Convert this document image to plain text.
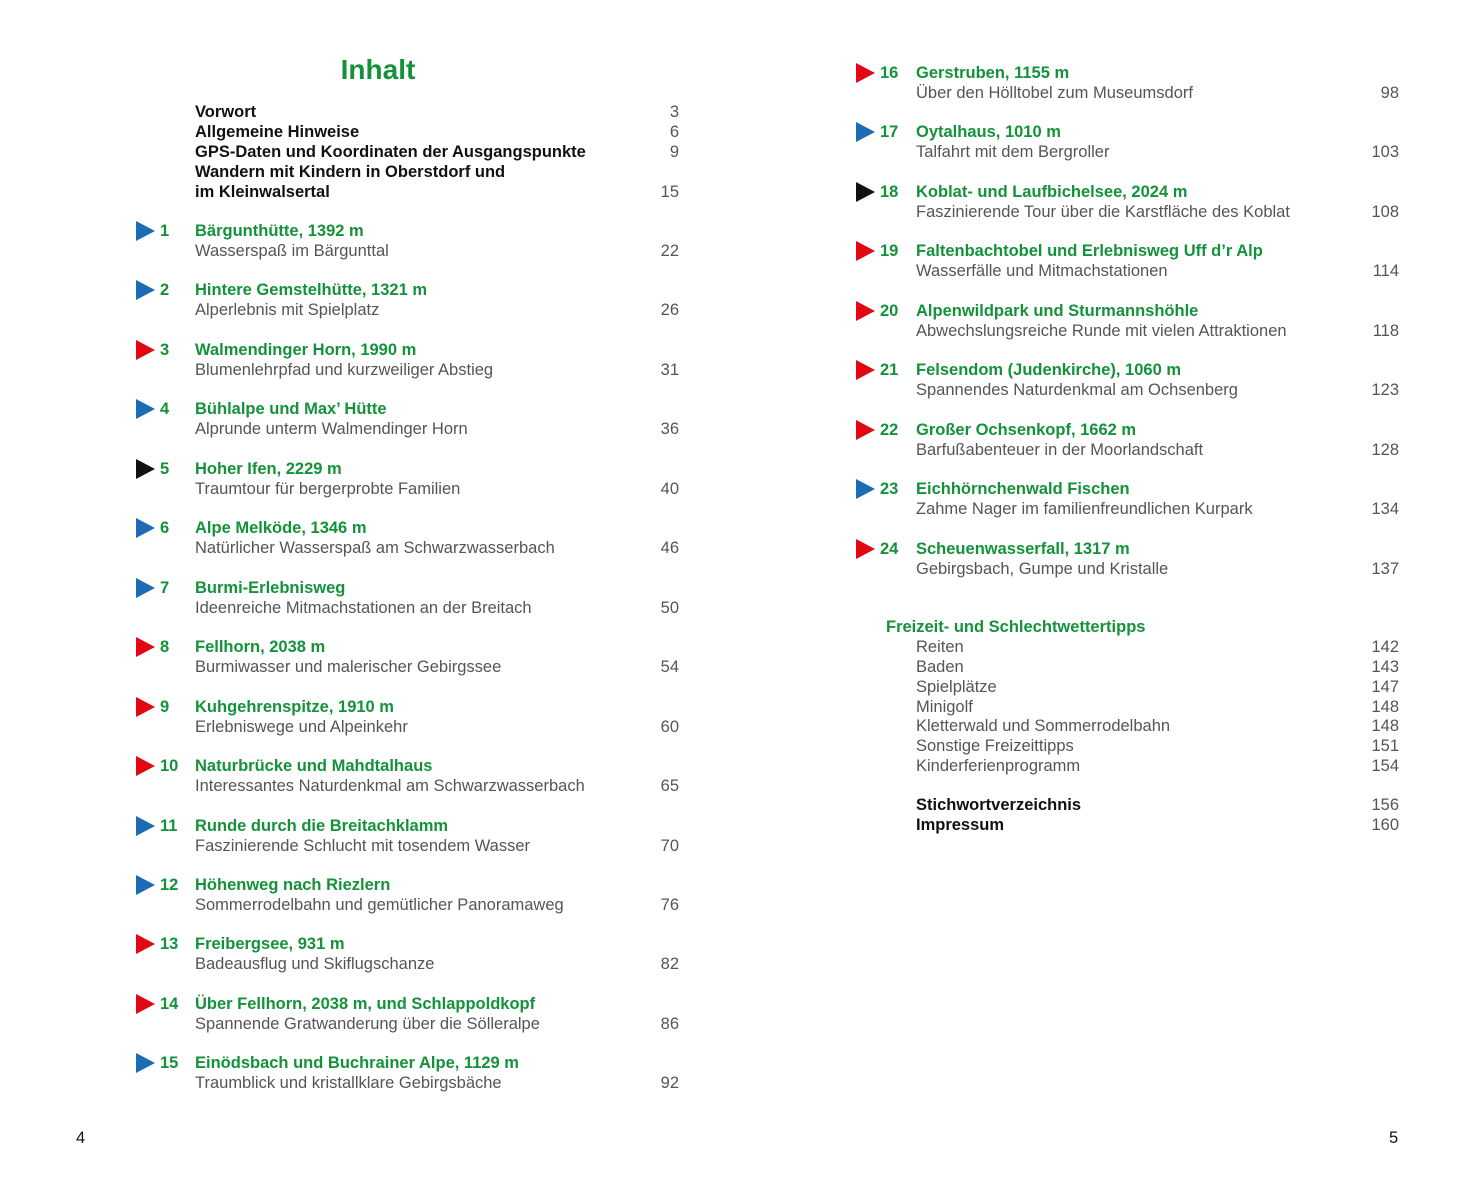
Inhalt
Vorwort	3
Allgemeine Hinweise	6
GPS-Daten und Koordinaten der Ausgangspunkte	9
Wandern mit Kindern in Oberstdorf und
im Kleinwalsertal	15
1 Bärgunthütte, 1392 m
Wasserspaß im Bärgunttal	22
2 Hintere Gemstelhütte, 1321 m
Alperlebnis mit Spielplatz	26
3 Walmendinger Horn, 1990 m
Blumenlehrpfad und kurzweiliger Abstieg	31
4 Bühlalpe und Max’ Hütte
Alprunde unterm Walmendinger Horn	36
5 Hoher Ifen, 2229 m
Traumtour für bergerprobte Familien	40
6 Alpe Melköde, 1346 m
Natürlicher Wasserspaß am Schwarzwasserbach	46
7 Burmi-Erlebnisweg
Ideenreiche Mitmachstationen an der Breitach	50
8 Fellhorn, 2038 m
Burmiwasser und malerischer Gebirgssee	54
9 Kuhgehrenspitze, 1910 m
Erlebniswege und Alpeinkehr	60
10 Naturbrücke und Mahdtalhaus
Interessantes Naturdenkmal am Schwarzwasserbach	65
11 Runde durch die Breitachklamm
Faszinierende Schlucht mit tosendem Wasser	70
12 Höhenweg nach Riezlern
Sommerrodelbahn und gemütlicher Panoramaweg	76
13 Freibergsee, 931 m
Badeausflug und Skiflugschanze	82
14 Über Fellhorn, 2038 m, und Schlappoldkopf
Spannende Gratwanderung über die Sölleralpe	86
15 Einödsbach und Buchrainer Alpe, 1129 m
Traumblick und kristallklare Gebirgsbäche	92
16 Gerstruben, 1155 m
Über den Hölltobel zum Museumsdorf	98
17 Oytalhaus, 1010 m
Talfahrt mit dem Bergroller	103
18 Koblat- und Laufbichelsee, 2024 m
Faszinierende Tour über die Karstfläche des Koblat	108
19 Faltenbachtobel und Erlebnisweg Uff d’r Alp
Wasserfälle und Mitmachstationen	114
20 Alpenwildpark und Sturmannshöhle
Abwechslungsreiche Runde mit vielen Attraktionen	118
21 Felsendom (Judenkirche), 1060 m
Spannendes Naturdenkmal am Ochsenberg	123
22 Großer Ochsenkopf, 1662 m
Barfußabenteuer in der Moorlandschaft	128
23 Eichhörnchenwald Fischen
Zahme Nager im familienfreundlichen Kurpark	134
24 Scheuenwasserfall, 1317 m
Gebirgsbach, Gumpe und Kristalle	137
Freizeit- und Schlechtwettertipps
Reiten	142
Baden	143
Spielplätze	147
Minigolf	148
Kletterwald und Sommerrodelbahn	148
Sonstige Freizeittipps	151
Kinderferienprogramm	154
Stichwortverzeichnis	156
Impressum	160
4	5
